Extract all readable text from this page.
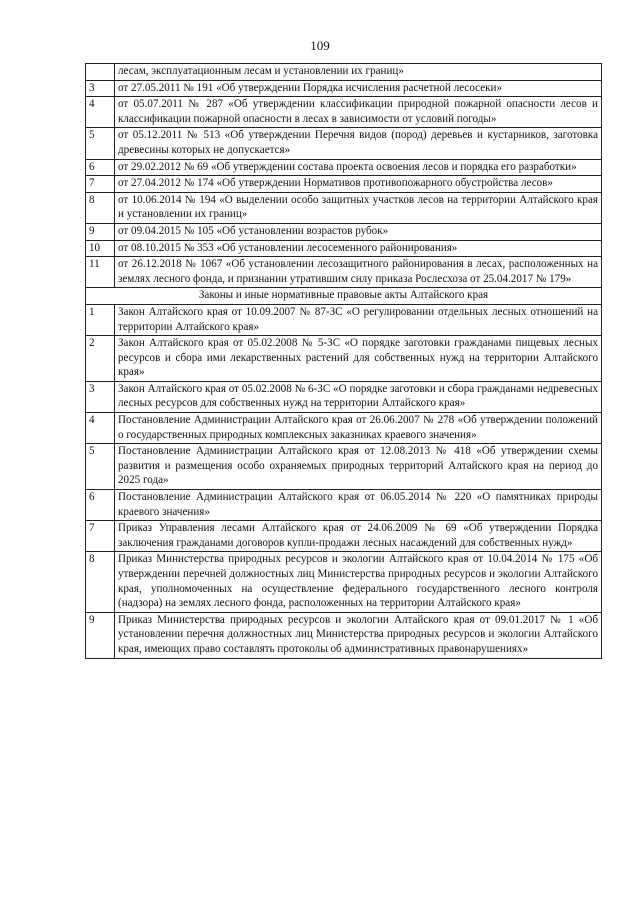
109
	лесам, эксплуатационным лесам и установлении их границ»
3	от 27.05.2011 № 191 «Об утверждении Порядка исчисления расчетной лесосеки»
4	от 05.07.2011 № 287 «Об утверждении классификации природной пожарной опасности лесов и классификации пожарной опасности в лесах в зависимости от условий погоды»
5	от 05.12.2011 № 513 «Об утверждении Перечня видов (пород) деревьев и кустарников, заготовка древесины которых не допускается»
6	от 29.02.2012 № 69 «Об утверждении состава проекта освоения лесов и порядка его разработки»
7	от 27.04.2012 № 174 «Об утверждении Нормативов противопожарного обустройства лесов»
8	от 10.06.2014 № 194 «О выделении особо защитных участков лесов на территории Алтайского края и установлении их границ»
9	от 09.04.2015 № 105 «Об установлении возрастов рубок»
10	от 08.10.2015 № 353 «Об установлении лесосеменного районирования»
11	от 26.12.2018 № 1067 «Об установлении лесозащитного районирования в лесах, расположенных на землях лесного фонда, и признании утратившим силу приказа Рослесхоза от 25.04.2017 № 179»
Законы и иные нормативные правовые акты Алтайского края	
1	Закон Алтайского края от 10.09.2007 № 87-ЗС «О регулировании отдельных лесных отношений на территории Алтайского края»
2	Закон Алтайского края от 05.02.2008 № 5-ЗС «О порядке заготовки гражданами пищевых лесных ресурсов и сбора ими лекарственных растений для собственных нужд на территории Алтайского края»
3	Закон Алтайского края от 05.02.2008 № 6-ЗС «О порядке заготовки и сбора гражданами недревесных лесных ресурсов для собственных нужд на территории Алтайского края»
4	Постановление Администрации Алтайского края от 26.06.2007 № 278 «Об утверждении положений о государственных природных комплексных заказниках краевого значения»
5	Постановление Администрации Алтайского края от 12.08.2013 № 418 «Об утверждении схемы развития и размещения особо охраняемых природных территорий Алтайского края на период до 2025 года»
6	Постановление Администрации Алтайского края от 06.05.2014 № 220 «О памятниках природы краевого значения»
7	Приказ Управления лесами Алтайского края от 24.06.2009 № 69 «Об утверждении Порядка заключения гражданами договоров купли-продажи лесных насаждений для собственных нужд»
8	Приказ Министерства природных ресурсов и экологии Алтайского края от 10.04.2014 № 175 «Об утверждении перечней должностных лиц Министерства природных ресурсов и экологии Алтайского края, уполномоченных на осуществление федерального государственного лесного контроля (надзора) на землях лесного фонда, расположенных на территории Алтайского края»
9	Приказ Министерства природных ресурсов и экологии Алтайского края от 09.01.2017 № 1 «Об установлении перечня должностных лиц Министерства природных ресурсов и экологии Алтайского края, имеющих право составлять протоколы об административных правонарушениях»
